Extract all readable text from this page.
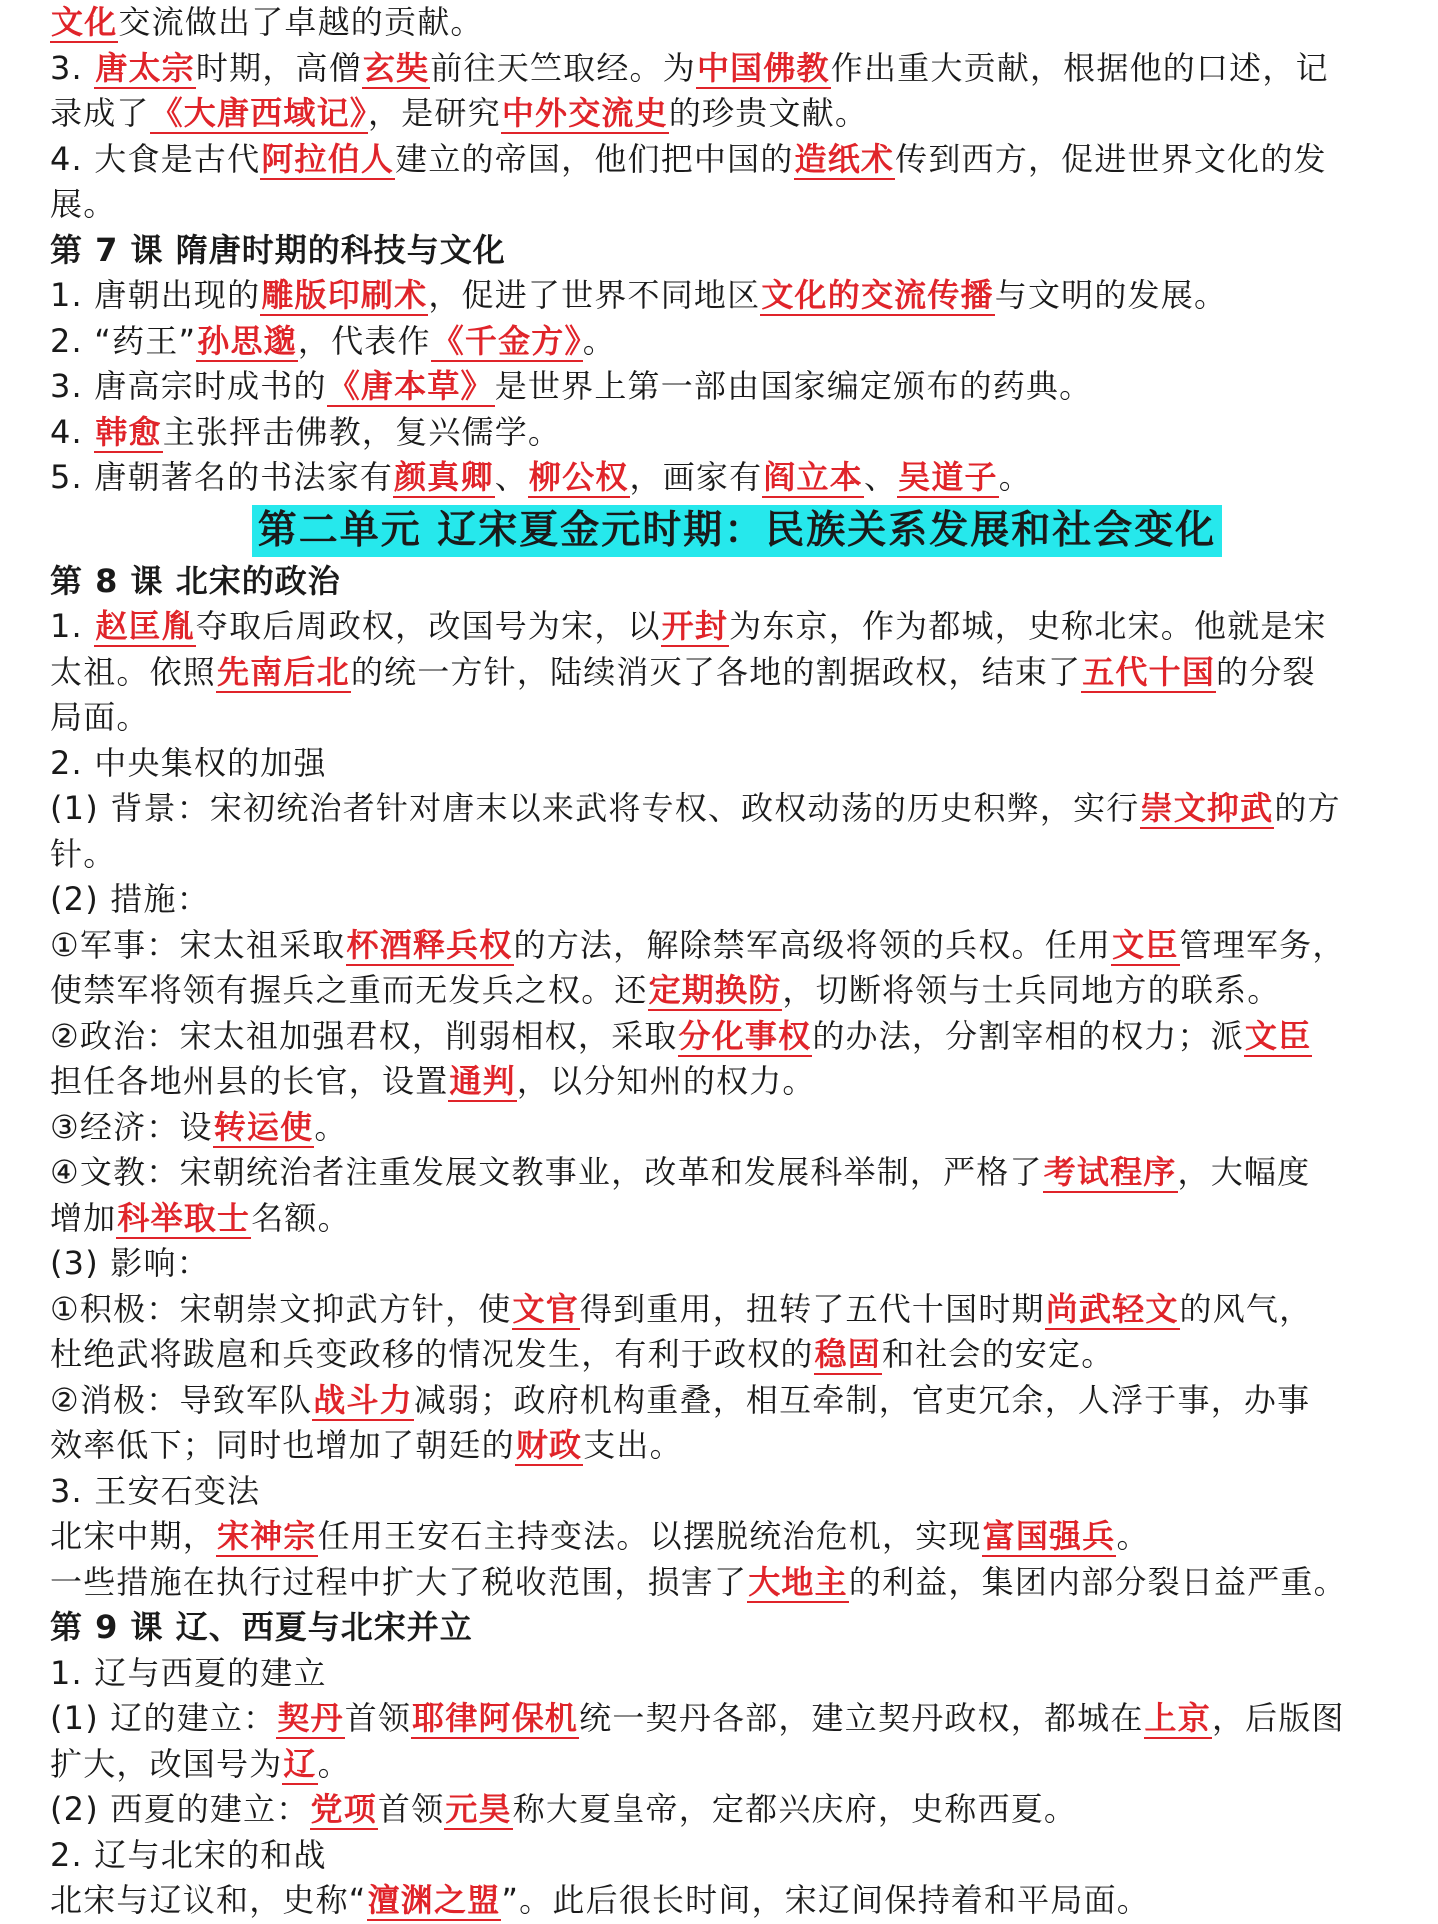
文化交流做出了卓越的贡献。

3. 唐太宗时期，高僧玄奘前往天竺取经。为中国佛教作出重大贡献，根据他的口述，记

录成了《大唐西域记》，是研究中外交流史的珍贵文献。

4. 大食是古代阿拉伯人建立的帝国，他们把中国的造纸术传到西方，促进世界文化的发

展。

第 7 课 隋唐时期的科技与文化

1. 唐朝出现的雕版印刷术，促进了世界不同地区文化的交流传播与文明的发展。

2. “药王”孙思邈，代表作《千金方》。

3. 唐高宗时成书的《唐本草》是世界上第一部由国家编定颁布的药典。

4. 韩愈主张抨击佛教，复兴儒学。

5. 唐朝著名的书法家有颜真卿、柳公权，画家有阎立本、吴道子。

第二单元 辽宋夏金元时期：民族关系发展和社会变化

第 8 课 北宋的政治

1. 赵匡胤夺取后周政权，改国号为宋，以开封为东京，作为都城，史称北宋。他就是宋

太祖。依照先南后北的统一方针，陆续消灭了各地的割据政权，结束了五代十国的分裂

局面。

2. 中央集权的加强

(1) 背景：宋初统治者针对唐末以来武将专权、政权动荡的历史积弊，实行崇文抑武的方

针。

(2) 措施：

①军事：宋太祖采取杯酒释兵权的方法，解除禁军高级将领的兵权。任用文臣管理军务，

使禁军将领有握兵之重而无发兵之权。还定期换防，切断将领与士兵同地方的联系。

②政治：宋太祖加强君权，削弱相权，采取分化事权的办法，分割宰相的权力；派文臣

担任各地州县的长官，设置通判，以分知州的权力。

③经济：设转运使。

④文教：宋朝统治者注重发展文教事业，改革和发展科举制，严格了考试程序，大幅度

增加科举取士名额。

(3) 影响：

①积极：宋朝崇文抑武方针，使文官得到重用，扭转了五代十国时期尚武轻文的风气，

杜绝武将跋扈和兵变政移的情况发生，有利于政权的稳固和社会的安定。

②消极：导致军队战斗力减弱；政府机构重叠，相互牵制，官吏冗余，人浮于事，办事

效率低下；同时也增加了朝廷的财政支出。

3. 王安石变法

北宋中期，宋神宗任用王安石主持变法。以摆脱统治危机，实现富国强兵。

一些措施在执行过程中扩大了税收范围，损害了大地主的利益，集团内部分裂日益严重。

第 9 课 辽、西夏与北宋并立

1. 辽与西夏的建立

(1) 辽的建立：契丹首领耶律阿保机统一契丹各部，建立契丹政权，都城在上京，后版图

扩大，改国号为辽。

(2) 西夏的建立：党项首领元昊称大夏皇帝，定都兴庆府，史称西夏。

2. 辽与北宋的和战

北宋与辽议和，史称“澶渊之盟”。此后很长时间，宋辽间保持着和平局面。
